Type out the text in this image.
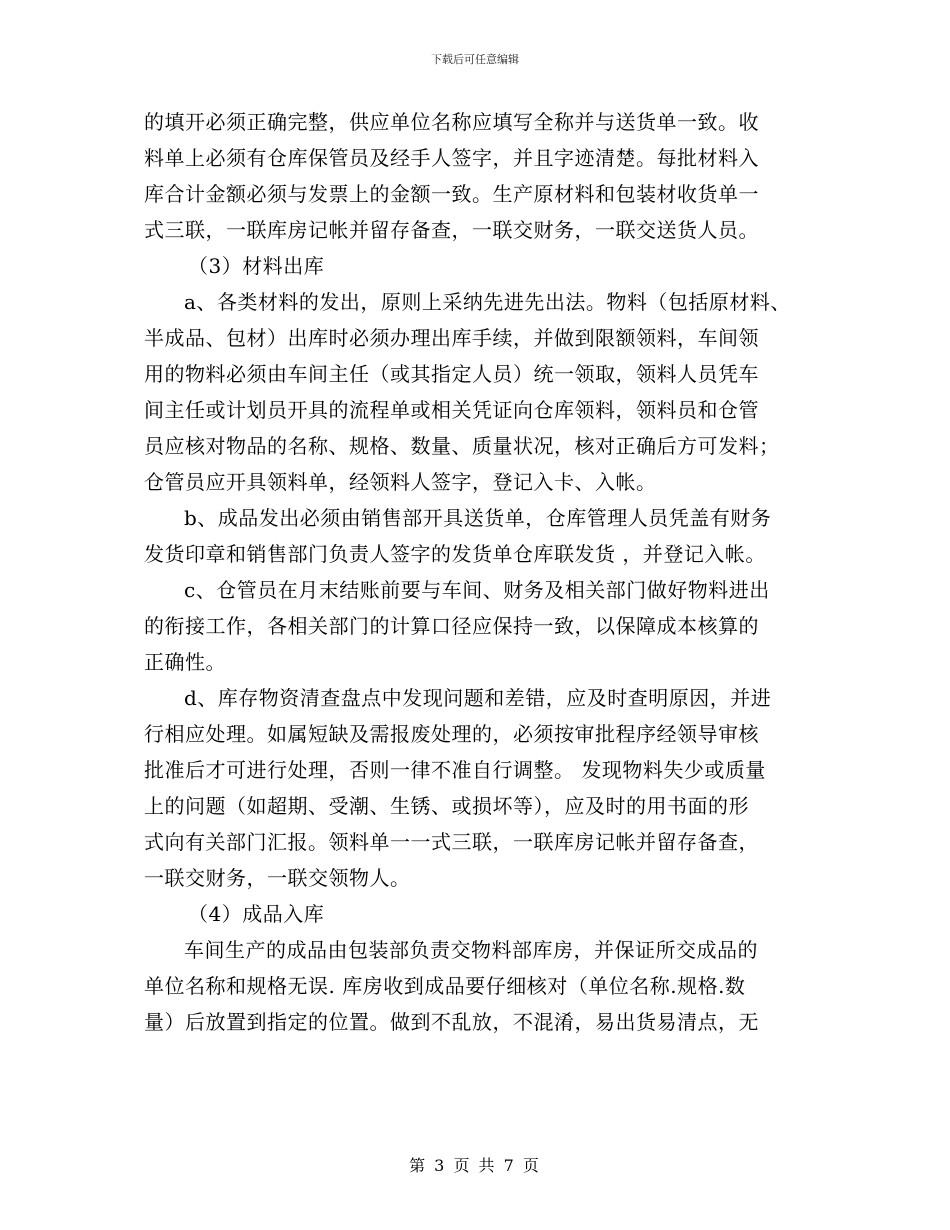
下载后可任意编辑
的填开必须正确完整，供应单位名称应填写全称并与送货单一致。收
料单上必须有仓库保管员及经手人签字，并且字迹清楚。每批材料入
库合计金额必须与发票上的金额一致。生产原材料和包装材收货单一
式三联，一联库房记帐并留存备查，一联交财务，一联交送货人员。
（3）材料出库
a、各类材料的发出，原则上采纳先进先出法。物料（包括原材料、
半成品、包材）出库时必须办理出库手续，并做到限额领料，车间领
用的物料必须由车间主任（或其指定人员）统一领取，领料人员凭车
间主任或计划员开具的流程单或相关凭证向仓库领料，领料员和仓管
员应核对物品的名称、规格、数量、质量状况，核对正确后方可发料；
仓管员应开具领料单，经领料人签字，登记入卡、入帐。
b、成品发出必须由销售部开具送货单，仓库管理人员凭盖有财务
发货印章和销售部门负责人签字的发货单仓库联发货 ，并登记入帐。
c、仓管员在月末结账前要与车间、财务及相关部门做好物料进出
的衔接工作，各相关部门的计算口径应保持一致，以保障成本核算的
正确性。
d、库存物资清查盘点中发现问题和差错，应及时查明原因，并进
行相应处理。如属短缺及需报废处理的，必须按审批程序经领导审核
批准后才可进行处理，否则一律不准自行调整。 发现物料失少或质量
上的问题（如超期、受潮、生锈、或损坏等），应及时的用书面的形
式向有关部门汇报。领料单一一式三联，一联库房记帐并留存备查，
一联交财务，一联交领物人。
（4）成品入库
车间生产的成品由包装部负责交物料部库房，并保证所交成品的
单位名称和规格无误. 库房收到成品要仔细核对（单位名称.规格.数
量）后放置到指定的位置。做到不乱放，不混淆，易出货易清点，无
第 3 页 共 7 页
